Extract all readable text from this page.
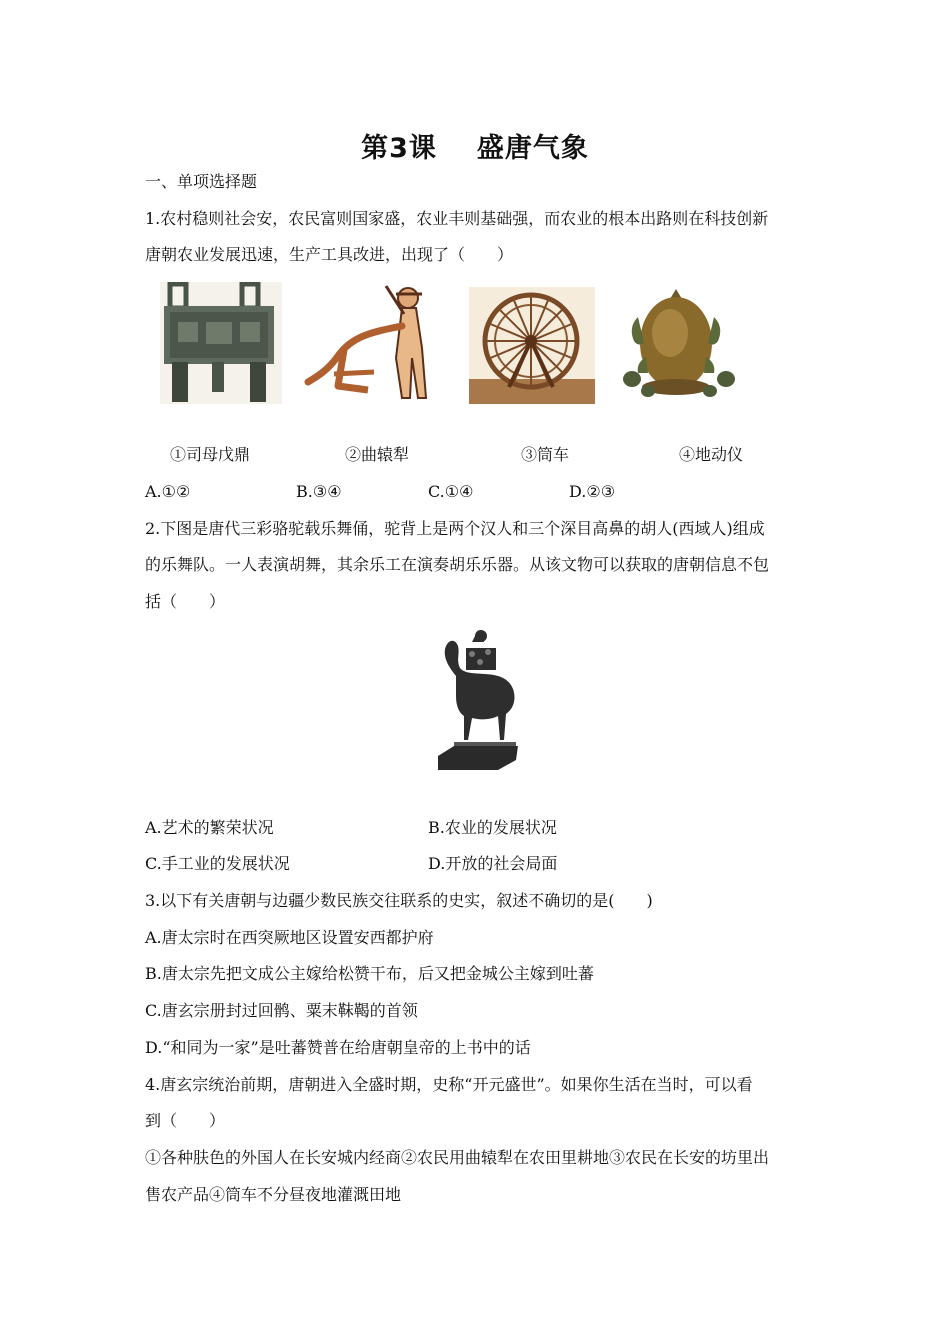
第3课 盛唐气象
一、单项选择题
1.农村稳则社会安，农民富则国家盛，农业丰则基础强，而农业的根本出路则在科技创新
唐朝农业发展迅速，生产工具改进，出现了（　　）
①司母戊鼎	②曲辕犁	③筒车	④地动仪
A.①②	B.③④	C.①④	D.②③
2.下图是唐代三彩骆驼载乐舞俑，驼背上是两个汉人和三个深目高鼻的胡人(西域人)组成
的乐舞队。一人表演胡舞，其余乐工在演奏胡乐乐器。从该文物可以获取的唐朝信息不包
括（　　）
A.艺术的繁荣状况	B.农业的发展状况
C.手工业的发展状况	D.开放的社会局面
3.以下有关唐朝与边疆少数民族交往联系的史实，叙述不确切的是(　　)
A.唐太宗时在西突厥地区设置安西都护府
B.唐太宗先把文成公主嫁给松赞干布，后又把金城公主嫁到吐蕃
C.唐玄宗册封过回鹘、粟末靺鞨的首领
D.“和同为一家”是吐蕃赞普在给唐朝皇帝的上书中的话
4.唐玄宗统治前期，唐朝进入全盛时期，史称“开元盛世”。如果你生活在当时，可以看
到（　　）
①各种肤色的外国人在长安城内经商②农民用曲辕犁在农田里耕地③农民在长安的坊里出
售农产品④筒车不分昼夜地灌溉田地
